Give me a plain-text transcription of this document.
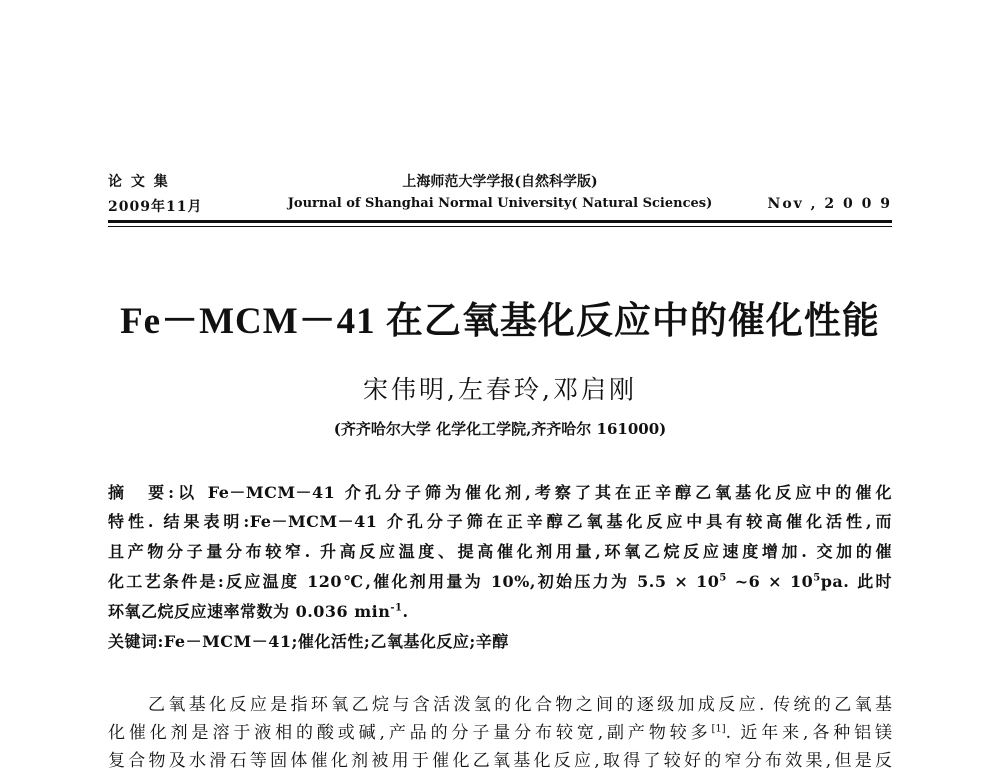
论 文 集	上海师范大学学报(自然科学版)
2009年11月	Journal of Shanghai Normal University( Natural Sciences)	Nov , 2 0 0 9
Fe－MCM－41 在乙氧基化反应中的催化性能
宋伟明,左春玲,邓启刚
(齐齐哈尔大学 化学化工学院,齐齐哈尔 161000)
摘　要:以 Fe－MCM－41 介孔分子筛为催化剂,考察了其在正辛醇乙氧基化反应中的催化
特性. 结果表明:Fe－MCM－41 介孔分子筛在正辛醇乙氧基化反应中具有较高催化活性,而
且产物分子量分布较窄. 升高反应温度、提高催化剂用量,环氧乙烷反应速度增加. 交加的催
化工艺条件是:反应温度 120℃,催化剂用量为 10%,初始压力为 $5.5 \times 10^5$ ~6 × $10^5pa$. 此时
环氧乙烷反应速率常数为 0.036 $\min^{-1}$.
关键词:Fe－MCM－41;催化活性;乙氧基化反应;辛醇
乙氧基化反应是指环氧乙烷与含活泼氢的化合物之间的逐级加成反应. 传统的乙氧基
化催化剂是溶于液相的酸或碱,产品的分子量分布较宽,副产物较多[1]. 近年来,各种铝镁
复合物及水滑石等固体催化剂被用于催化乙氧基化反应,取得了较好的窄分布效果,但是反
